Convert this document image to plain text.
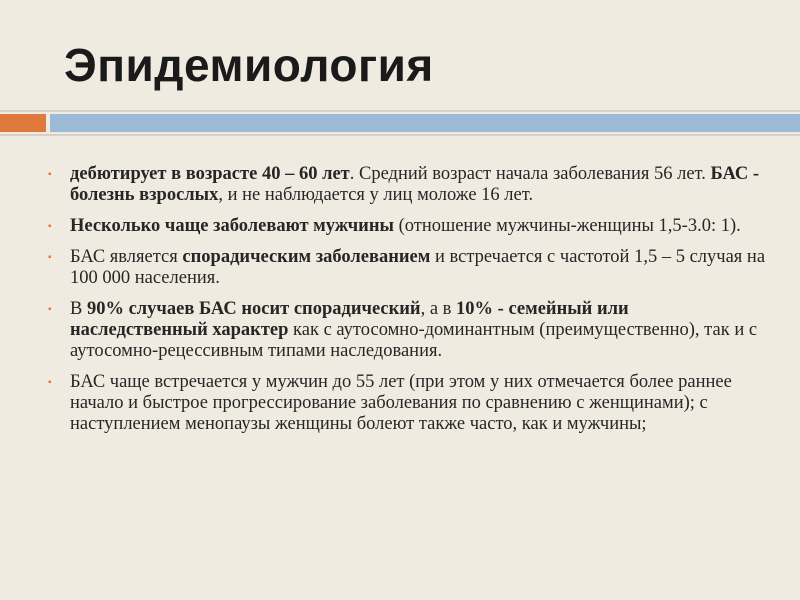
Эпидемиология
▪ дебютирует в возрасте 40 – 60 лет. Средний возраст начала заболевания 56 лет. БАС - болезнь взрослых, и не наблюдается у лиц моложе 16 лет.
▪ Несколько чаще заболевают мужчины (отношение мужчины-женщины 1,5-3.0: 1).
▪ БАС является спорадическим заболеванием и встречается с частотой 1,5 – 5 случая на 100 000 населения.
▪ В 90% случаев БАС носит спорадический, а в 10% - семейный или наследственный характер как с аутосомно-доминантным (преимущественно), так и с аутосомно-рецессивным типами наследования.
▪ БАС чаще встречается у мужчин до 55 лет (при этом у них отмечается более раннее начало и быстрое прогрессирование заболевания по сравнению с женщинами); с наступлением менопаузы женщины болеют также часто, как и мужчины;
